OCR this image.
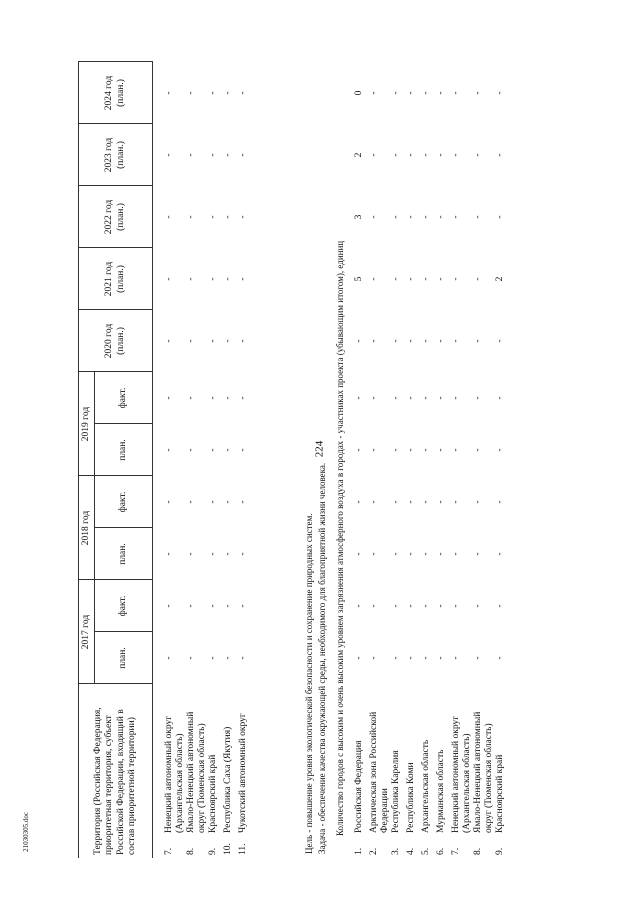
224
21030305.doc	Территория (Российская Федерация, приоритетная территория, субъект Российской Федерации, входящий в состав приоритетной территории)	2017 год		2018 год		2019 год		2020 год (план.)	2021 год (план.)	2022 год (план.)	2023 год (план.)	2024 год (план.)
	план.	факт.	план.	факт.	план.	факт.					
7.	Ненецкий автономный округ (Архангельская область)	-	-	-	-	-	-	-	-	-	-	-
8.	Ямало-Ненецкий автономный округ (Тюменская область)	-	-	-	-	-	-	-	-	-	-	-
9.	Красноярский край	-	-	-	-	-	-	-	-	-	-	-
10.	Республика Саха (Якутия)	-	-	-	-	-	-	-	-	-	-	-
11.	Чукотский автономный округ	-	-	-	-	-	-	-	-	-	-	-
Цель - повышение уровня экологической безопасности и сохранение природных систем. Задача - обеспечение качества окружающей среды, необходимого для благоприятной жизни человека. Количество городов с высоким и очень высоким уровнем загрязнения атмосферного воздуха в городах - участниках проекта (убывающим итогом), единиц
1.	Российская Федерация	-	-	-	-	-	-	-	5	3	2	0
2.	Арктическая зона Российской Федерации	-	-	-	-	-	-	-	-	-	-	-
3.	Республика Карелия	-	-	-	-	-	-	-	-	-	-	-
4.	Республика Коми	-	-	-	-	-	-	-	-	-	-	-
5.	Архангельская область	-	-	-	-	-	-	-	-	-	-	-
6.	Мурманская область	-	-	-	-	-	-	-	-	-	-	-
7.	Ненецкий автономный округ (Архангельская область)	-	-	-	-	-	-	-	-	-	-	-
8.	Ямало-Ненецкий автономный округ (Тюменская область)	-	-	-	-	-	-	-	-	-	-	-
9.	Красноярский край	-	-	-	-	-	-	-	2	-	-	-
